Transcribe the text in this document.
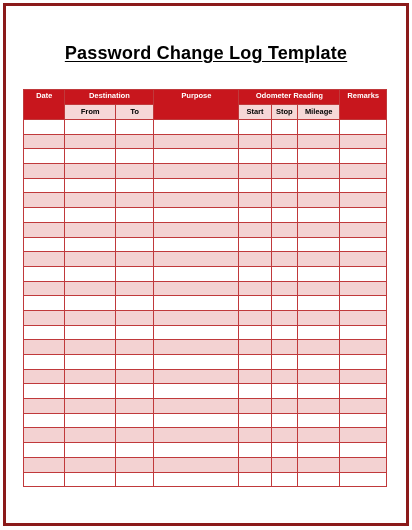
Password Change Log Template
Date	Destination		Purpose	Odometer Reading			Remarks
	From	To		Start	Stop	Mileage	
